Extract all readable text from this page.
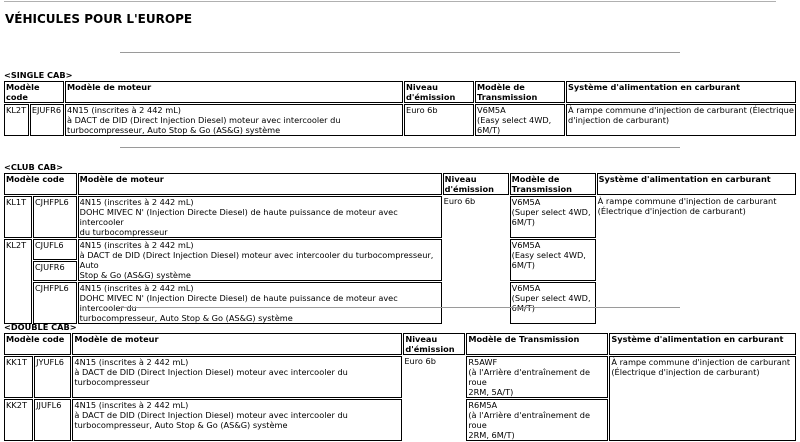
VÉHICULES POUR L'EUROPE
<SINGLE CAB>
Modèle code		Modèle de moteur	Niveau
d'émission	Modèle de
Transmission	Système d'alimentation en carburant
KL2T	EJUFR6	4N15 (inscrites à 2 442 mL)
à DACT de DID (Direct Injection Diesel) moteur avec intercooler du
turbocompresseur, Auto Stop & Go (AS&G) système	Euro 6b	V6M5A
(Easy select 4WD,
6M/T)	À rampe commune d'injection de carburant (Électrique
d'injection de carburant)
<CLUB CAB>
Modèle code		Modèle de moteur	Niveau
d'émission	Modèle de
Transmission	Système d'alimentation en carburant
KL1T	CJHFPL6	4N15 (inscrites à 2 442 mL)
DOHC MIVEC N' (Injection Directe Diesel) de haute puissance de moteur avec intercooler
du turbocompresseur	Euro 6b	V6M5A
(Super select 4WD,
6M/T)	À rampe commune d'injection de carburant
(Électrique d'injection de carburant)
KL2T	CJUFL6	4N15 (inscrites à 2 442 mL)
à DACT de DID (Direct Injection Diesel) moteur avec intercooler du turbocompresseur, Auto
Stop & Go (AS&G) système		V6M5A
(Easy select 4WD,
6M/T)	
	CJUFR6				
	CJHFPL6	4N15 (inscrites à 2 442 mL)
DOHC MIVEC N' (Injection Directe Diesel) de haute puissance de moteur avec intercooler du
turbocompresseur, Auto Stop & Go (AS&G) système		V6M5A
(Super select 4WD,
6M/T)	
<DOUBLE CAB>
Modèle code		Modèle de moteur	Niveau
d'émission	Modèle de Transmission	Système d'alimentation en carburant
KK1T	JYUFL6	4N15 (inscrites à 2 442 mL)
à DACT de DID (Direct Injection Diesel) moteur avec intercooler du
turbocompresseur	Euro 6b	R5AWF
(à l'Arrière d'entraînement de roue
2RM, 5A/T)	À rampe commune d'injection de carburant
(Électrique d'injection de carburant)
KK2T	JJUFL6	4N15 (inscrites à 2 442 mL)
à DACT de DID (Direct Injection Diesel) moteur avec intercooler du
turbocompresseur, Auto Stop & Go (AS&G) système		R6M5A
(à l'Arrière d'entraînement de roue
2RM, 6M/T)	
